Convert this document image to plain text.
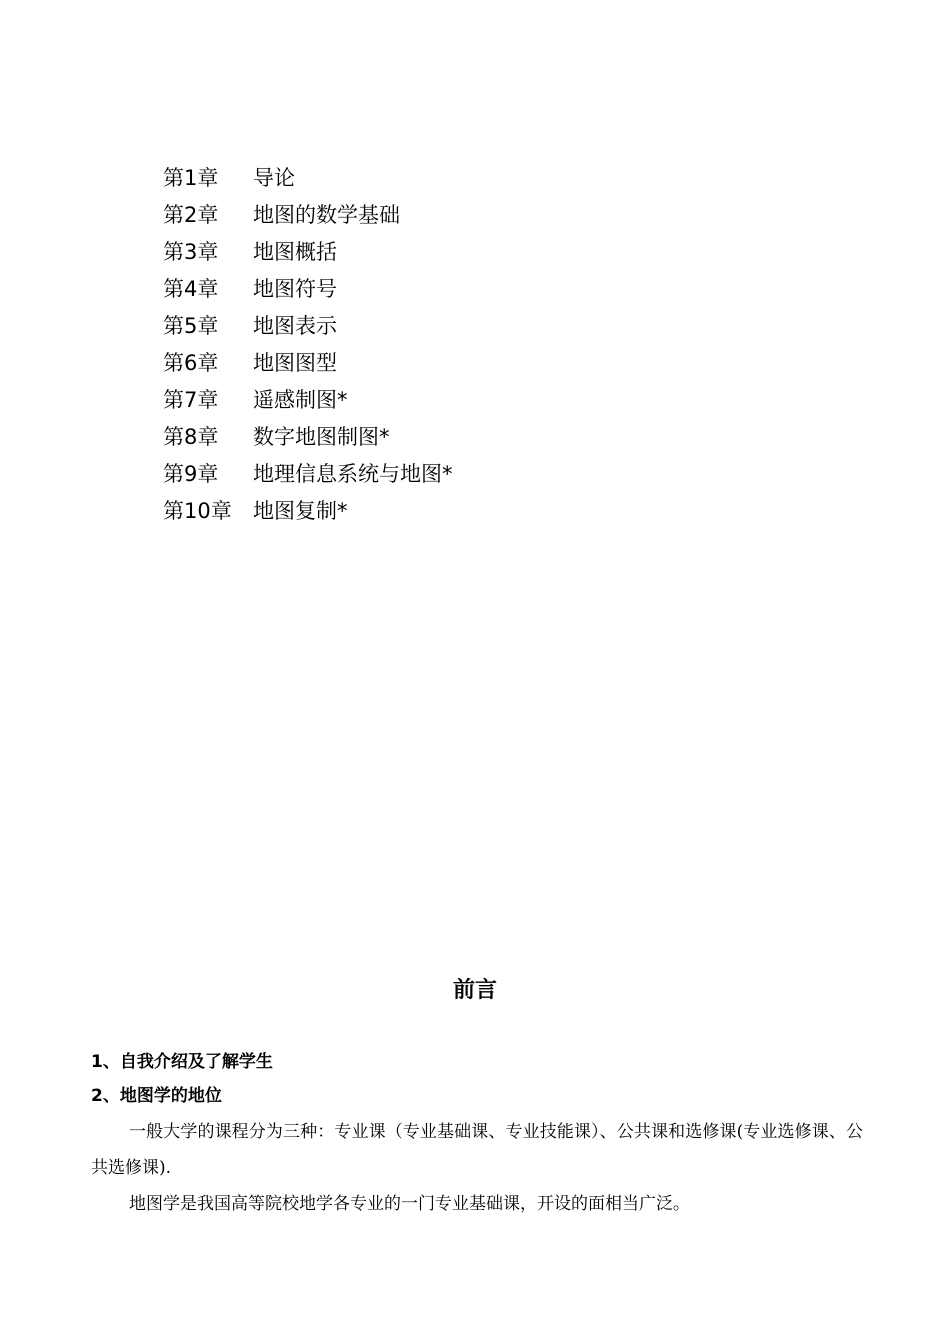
第1章 导论
第2章 地图的数学基础
第3章 地图概括
第4章 地图符号
第5章 地图表示
第6章 地图图型
第7章 遥感制图*
第8章 数字地图制图*
第9章 地理信息系统与地图*
第10章 地图复制*
前言
1、自我介绍及了解学生
2、地图学的地位

一般大学的课程分为三种：专业课（专业基础课、专业技能课）、公共课和选修课(专业选修课、公共选修课).

地图学是我国高等院校地学各专业的一门专业基础课，开设的面相当广泛。
